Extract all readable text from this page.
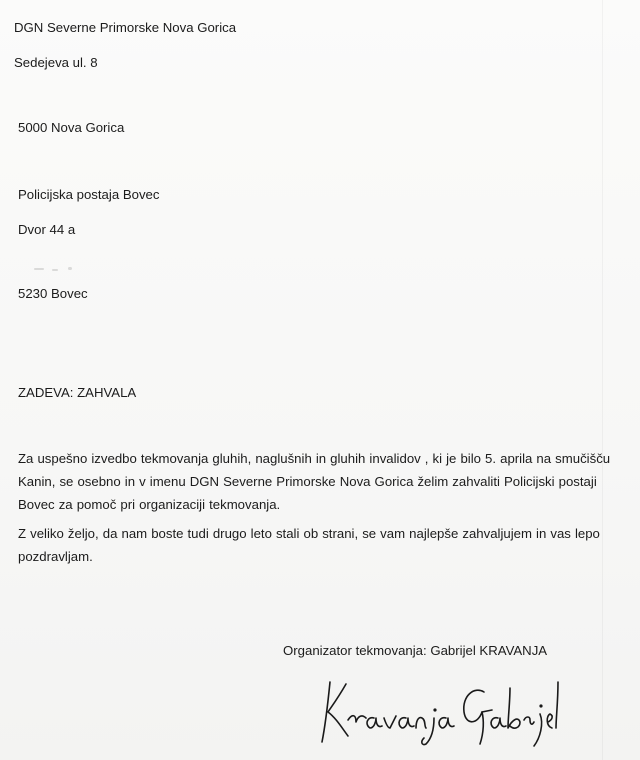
DGN Severne Primorske Nova Gorica
Sedejeva ul. 8
5000 Nova Gorica
Policijska postaja Bovec
Dvor 44 a
5230 Bovec
ZADEVA: ZAHVALA
Za uspešno izvedbo tekmovanja gluhih, naglušnih in gluhih invalidov , ki je bilo 5. aprila na smučišču
Kanin, se osebno in v imenu DGN Severne Primorske Nova Gorica želim zahvaliti Policijski postaji
Bovec za pomoč pri organizaciji tekmovanja.
Z veliko željo, da nam boste tudi drugo leto stali ob strani, se vam najlepše zahvaljujem in vas lepo
pozdravljam.
Organizator tekmovanja: Gabrijel KRAVANJA
